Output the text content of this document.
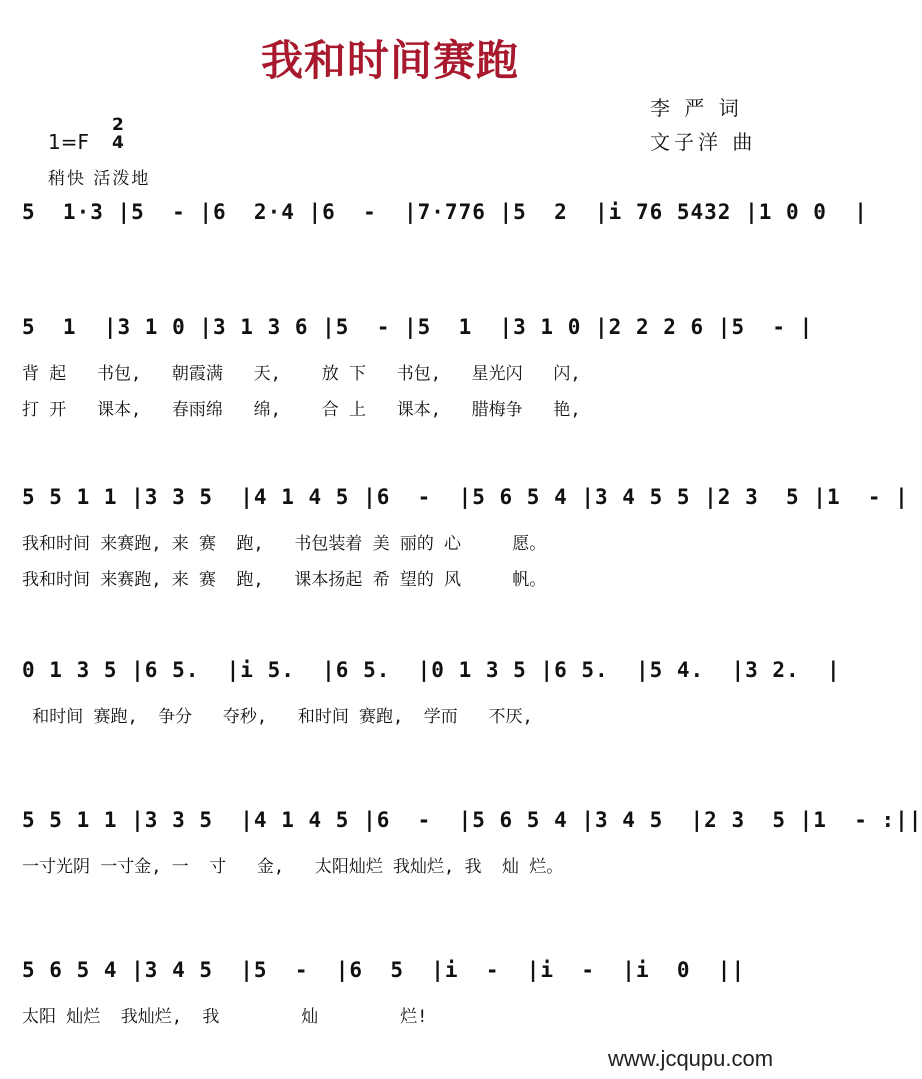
我和时间赛跑
李 严 词
文子洋 曲
1=F
2
4
稍快 活泼地
5  1·3 |5  - |6  2·4 |6  -  |7·776 |5  2  |i 76 5432 |1 0 0  |
5  1  |3 1 0 |3 1 3 6 |5  - |5  1  |3 1 0 |2 2 2 6 |5  - |
背 起   书包,   朝霞满   天,    放 下   书包,   星光闪   闪,
打 开   课本,   春雨绵   绵,    合 上   课本,   腊梅争   艳,
5 5 1 1 |3 3 5  |4 1 4 5 |6  -  |5 6 5 4 |3 4 5 5 |2 3  5 |1  - |
我和时间 来赛跑, 来 赛  跑,   书包装着 美 丽的 心     愿。
我和时间 来赛跑, 来 赛  跑,   课本扬起 希 望的 风     帆。
0 1 3 5 |6 5.  |i 5.  |6 5.  |0 1 3 5 |6 5.  |5 4.  |3 2.  |
和时间 赛跑,  争分   夺秒,   和时间 赛跑,  学而   不厌,
5 5 1 1 |3 3 5  |4 1 4 5 |6  -  |5 6 5 4 |3 4 5  |2 3  5 |1  - :||
一寸光阴 一寸金, 一  寸   金,   太阳灿烂 我灿烂, 我  灿 烂。
5 6 5 4 |3 4 5  |5  -  |6  5  |i  -  |i  -  |i  0  ||
太阳 灿烂  我灿烂,  我        灿        烂!
www.jcqupu.com
